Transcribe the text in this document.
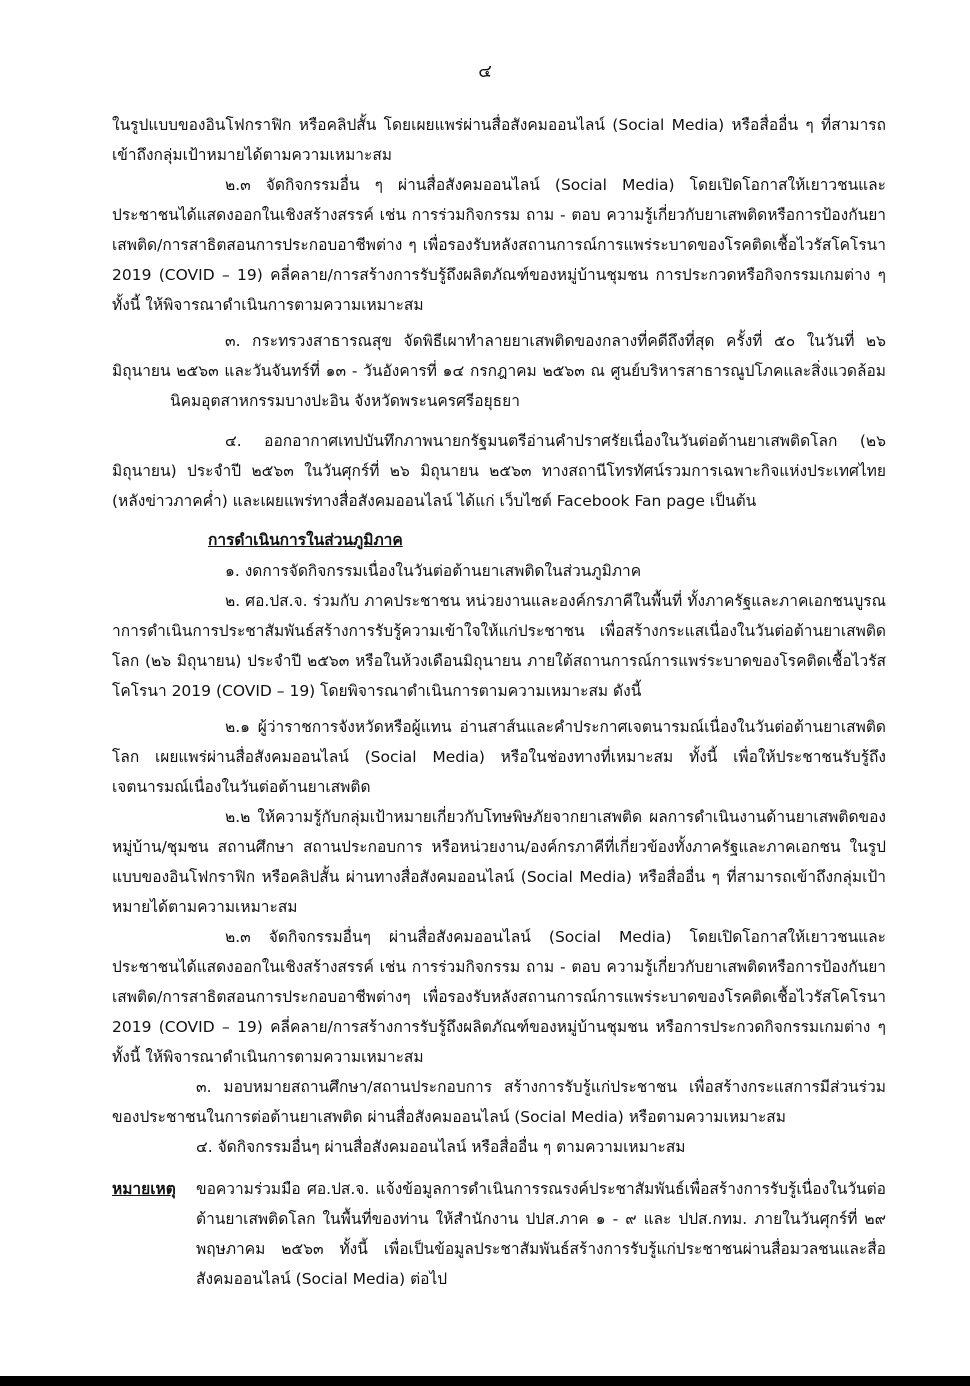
๔

ในรูปแบบของอินโฟกราฟิก หรือคลิปสั้น โดยเผยแพร่ผ่านสื่อสังคมออนไลน์ (Social Media) หรือสื่ออื่น ๆ ที่สามารถเข้าถึงกลุ่มเป้าหมายได้ตามความเหมาะสม

๒.๓ จัดกิจกรรมอื่น ๆ ผ่านสื่อสังคมออนไลน์ (Social Media) โดยเปิดโอกาสให้เยาวชนและประชาชนได้แสดงออกในเชิงสร้างสรรค์ เช่น การร่วมกิจกรรม ถาม - ตอบ ความรู้เกี่ยวกับยาเสพติดหรือการป้องกันยาเสพติด/การสาธิตสอนการประกอบอาชีพต่าง ๆ เพื่อรองรับหลังสถานการณ์การแพร่ระบาดของโรคติดเชื้อไวรัสโคโรนา 2019 (COVID – 19) คลี่คลาย/การสร้างการรับรู้ถึงผลิตภัณฑ์ของหมู่บ้านชุมชน การประกวดหรือกิจกรรมเกมต่าง ๆ ทั้งนี้ ให้พิจารณาดำเนินการตามความเหมาะสม

๓. กระทรวงสาธารณสุข จัดพิธีเผาทำลายยาเสพติดของกลางที่คดีถึงที่สุด ครั้งที่ ๕๐ ในวันที่ ๒๖ มิถุนายน ๒๕๖๓ และวันจันทร์ที่ ๑๓ - วันอังคารที่ ๑๔ กรกฎาคม ๒๕๖๓ ณ ศูนย์บริหารสาธารณูปโภคและสิ่งแวดล้อมนิคมอุตสาหกรรมบางปะอิน จังหวัดพระนครศรีอยุธยา

๔. ออกอากาศเทปบันทึกภาพนายกรัฐมนตรีอ่านคำปราศรัยเนื่องในวันต่อต้านยาเสพติดโลก (๒๖ มิถุนายน) ประจำปี ๒๕๖๓ ในวันศุกร์ที่ ๒๖ มิถุนายน ๒๕๖๓ ทางสถานีโทรทัศน์รวมการเฉพาะกิจแห่งประเทศไทย (หลังข่าวภาคค่ำ) และเผยแพร่ทางสื่อสังคมออนไลน์ ได้แก่ เว็บไซต์ Facebook Fan page เป็นต้น

การดำเนินการในส่วนภูมิภาค

๑. งดการจัดกิจกรรมเนื่องในวันต่อต้านยาเสพติดในส่วนภูมิภาค

๒. ศอ.ปส.จ. ร่วมกับ ภาคประชาชน หน่วยงานและองค์กรภาคีในพื้นที่ ทั้งภาครัฐและภาคเอกชนบูรณาการดำเนินการประชาสัมพันธ์สร้างการรับรู้ความเข้าใจให้แก่ประชาชน เพื่อสร้างกระแสเนื่องในวันต่อต้านยาเสพติดโลก (๒๖ มิถุนายน) ประจำปี ๒๕๖๓ หรือในห้วงเดือนมิถุนายน ภายใต้สถานการณ์การแพร่ระบาดของโรคติดเชื้อไวรัสโคโรนา 2019 (COVID – 19) โดยพิจารณาดำเนินการตามความเหมาะสม ดังนี้

๒.๑ ผู้ว่าราชการจังหวัดหรือผู้แทน อ่านสาส์นและคำประกาศเจตนารมณ์เนื่องในวันต่อต้านยาเสพติดโลก เผยแพร่ผ่านสื่อสังคมออนไลน์ (Social Media) หรือในช่องทางที่เหมาะสม ทั้งนี้ เพื่อให้ประชาชนรับรู้ถึงเจตนารมณ์เนื่องในวันต่อต้านยาเสพติด

๒.๒ ให้ความรู้กับกลุ่มเป้าหมายเกี่ยวกับโทษพิษภัยจากยาเสพติด ผลการดำเนินงานด้านยาเสพติดของหมู่บ้าน/ชุมชน สถานศึกษา สถานประกอบการ หรือหน่วยงาน/องค์กรภาคีที่เกี่ยวข้องทั้งภาครัฐและภาคเอกชน ในรูปแบบของอินโฟกราฟิก หรือคลิปสั้น ผ่านทางสื่อสังคมออนไลน์ (Social Media) หรือสื่ออื่น ๆ ที่สามารถเข้าถึงกลุ่มเป้าหมายได้ตามความเหมาะสม

๒.๓ จัดกิจกรรมอื่นๆ ผ่านสื่อสังคมออนไลน์ (Social Media) โดยเปิดโอกาสให้เยาวชนและประชาชนได้แสดงออกในเชิงสร้างสรรค์ เช่น การร่วมกิจกรรม ถาม - ตอบ ความรู้เกี่ยวกับยาเสพติดหรือการป้องกันยาเสพติด/การสาธิตสอนการประกอบอาชีพต่างๆ เพื่อรองรับหลังสถานการณ์การแพร่ระบาดของโรคติดเชื้อไวรัสโคโรนา 2019 (COVID – 19) คลี่คลาย/การสร้างการรับรู้ถึงผลิตภัณฑ์ของหมู่บ้านชุมชน หรือการประกวดกิจกรรมเกมต่าง ๆ ทั้งนี้ ให้พิจารณาดำเนินการตามความเหมาะสม

๓. มอบหมายสถานศึกษา/สถานประกอบการ สร้างการรับรู้แก่ประชาชน เพื่อสร้างกระแสการมีส่วนร่วมของประชาชนในการต่อต้านยาเสพติด ผ่านสื่อสังคมออนไลน์ (Social Media) หรือตามความเหมาะสม

๔. จัดกิจกรรมอื่นๆ ผ่านสื่อสังคมออนไลน์ หรือสื่ออื่น ๆ ตามความเหมาะสม

หมายเหตุ	ขอความร่วมมือ ศอ.ปส.จ. แจ้งข้อมูลการดำเนินการรณรงค์ประชาสัมพันธ์เพื่อสร้างการรับรู้เนื่องในวันต่อต้านยาเสพติดโลก ในพื้นที่ของท่าน ให้สำนักงาน ปปส.ภาค ๑ - ๙ และ ปปส.กทม. ภายในวันศุกร์ที่ ๒๙ พฤษภาคม ๒๕๖๓ ทั้งนี้ เพื่อเป็นข้อมูลประชาสัมพันธ์สร้างการรับรู้แก่ประชาชนผ่านสื่อมวลชนและสื่อสังคมออนไลน์ (Social Media) ต่อไป
